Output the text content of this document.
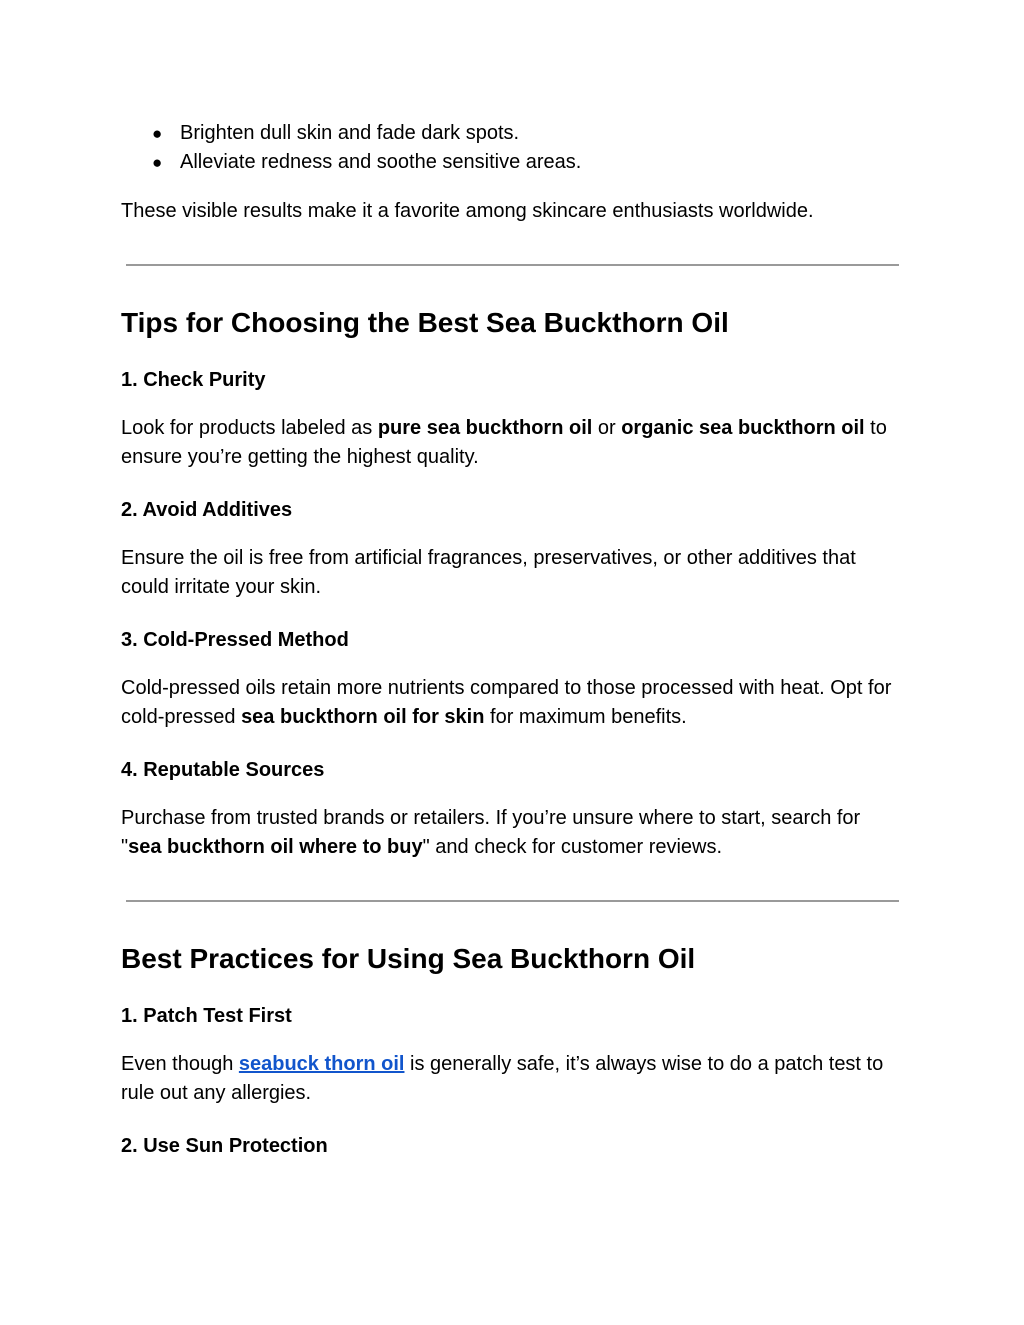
● Brighten dull skin and fade dark spots.
● Alleviate redness and soothe sensitive areas.

These visible results make it a favorite among skincare enthusiasts worldwide.

Tips for Choosing the Best Sea Buckthorn Oil
1. Check Purity

Look for products labeled as pure sea buckthorn oil or organic sea buckthorn oil to ensure you’re getting the highest quality.

2. Avoid Additives

Ensure the oil is free from artificial fragrances, preservatives, or other additives that could irritate your skin.

3. Cold-Pressed Method

Cold-pressed oils retain more nutrients compared to those processed with heat. Opt for cold-pressed sea buckthorn oil for skin for maximum benefits.

4. Reputable Sources

Purchase from trusted brands or retailers. If you’re unsure where to start, search for "sea buckthorn oil where to buy" and check for customer reviews.

Best Practices for Using Sea Buckthorn Oil
1. Patch Test First

Even though seabuck thorn oil is generally safe, it’s always wise to do a patch test to rule out any allergies.

2. Use Sun Protection
